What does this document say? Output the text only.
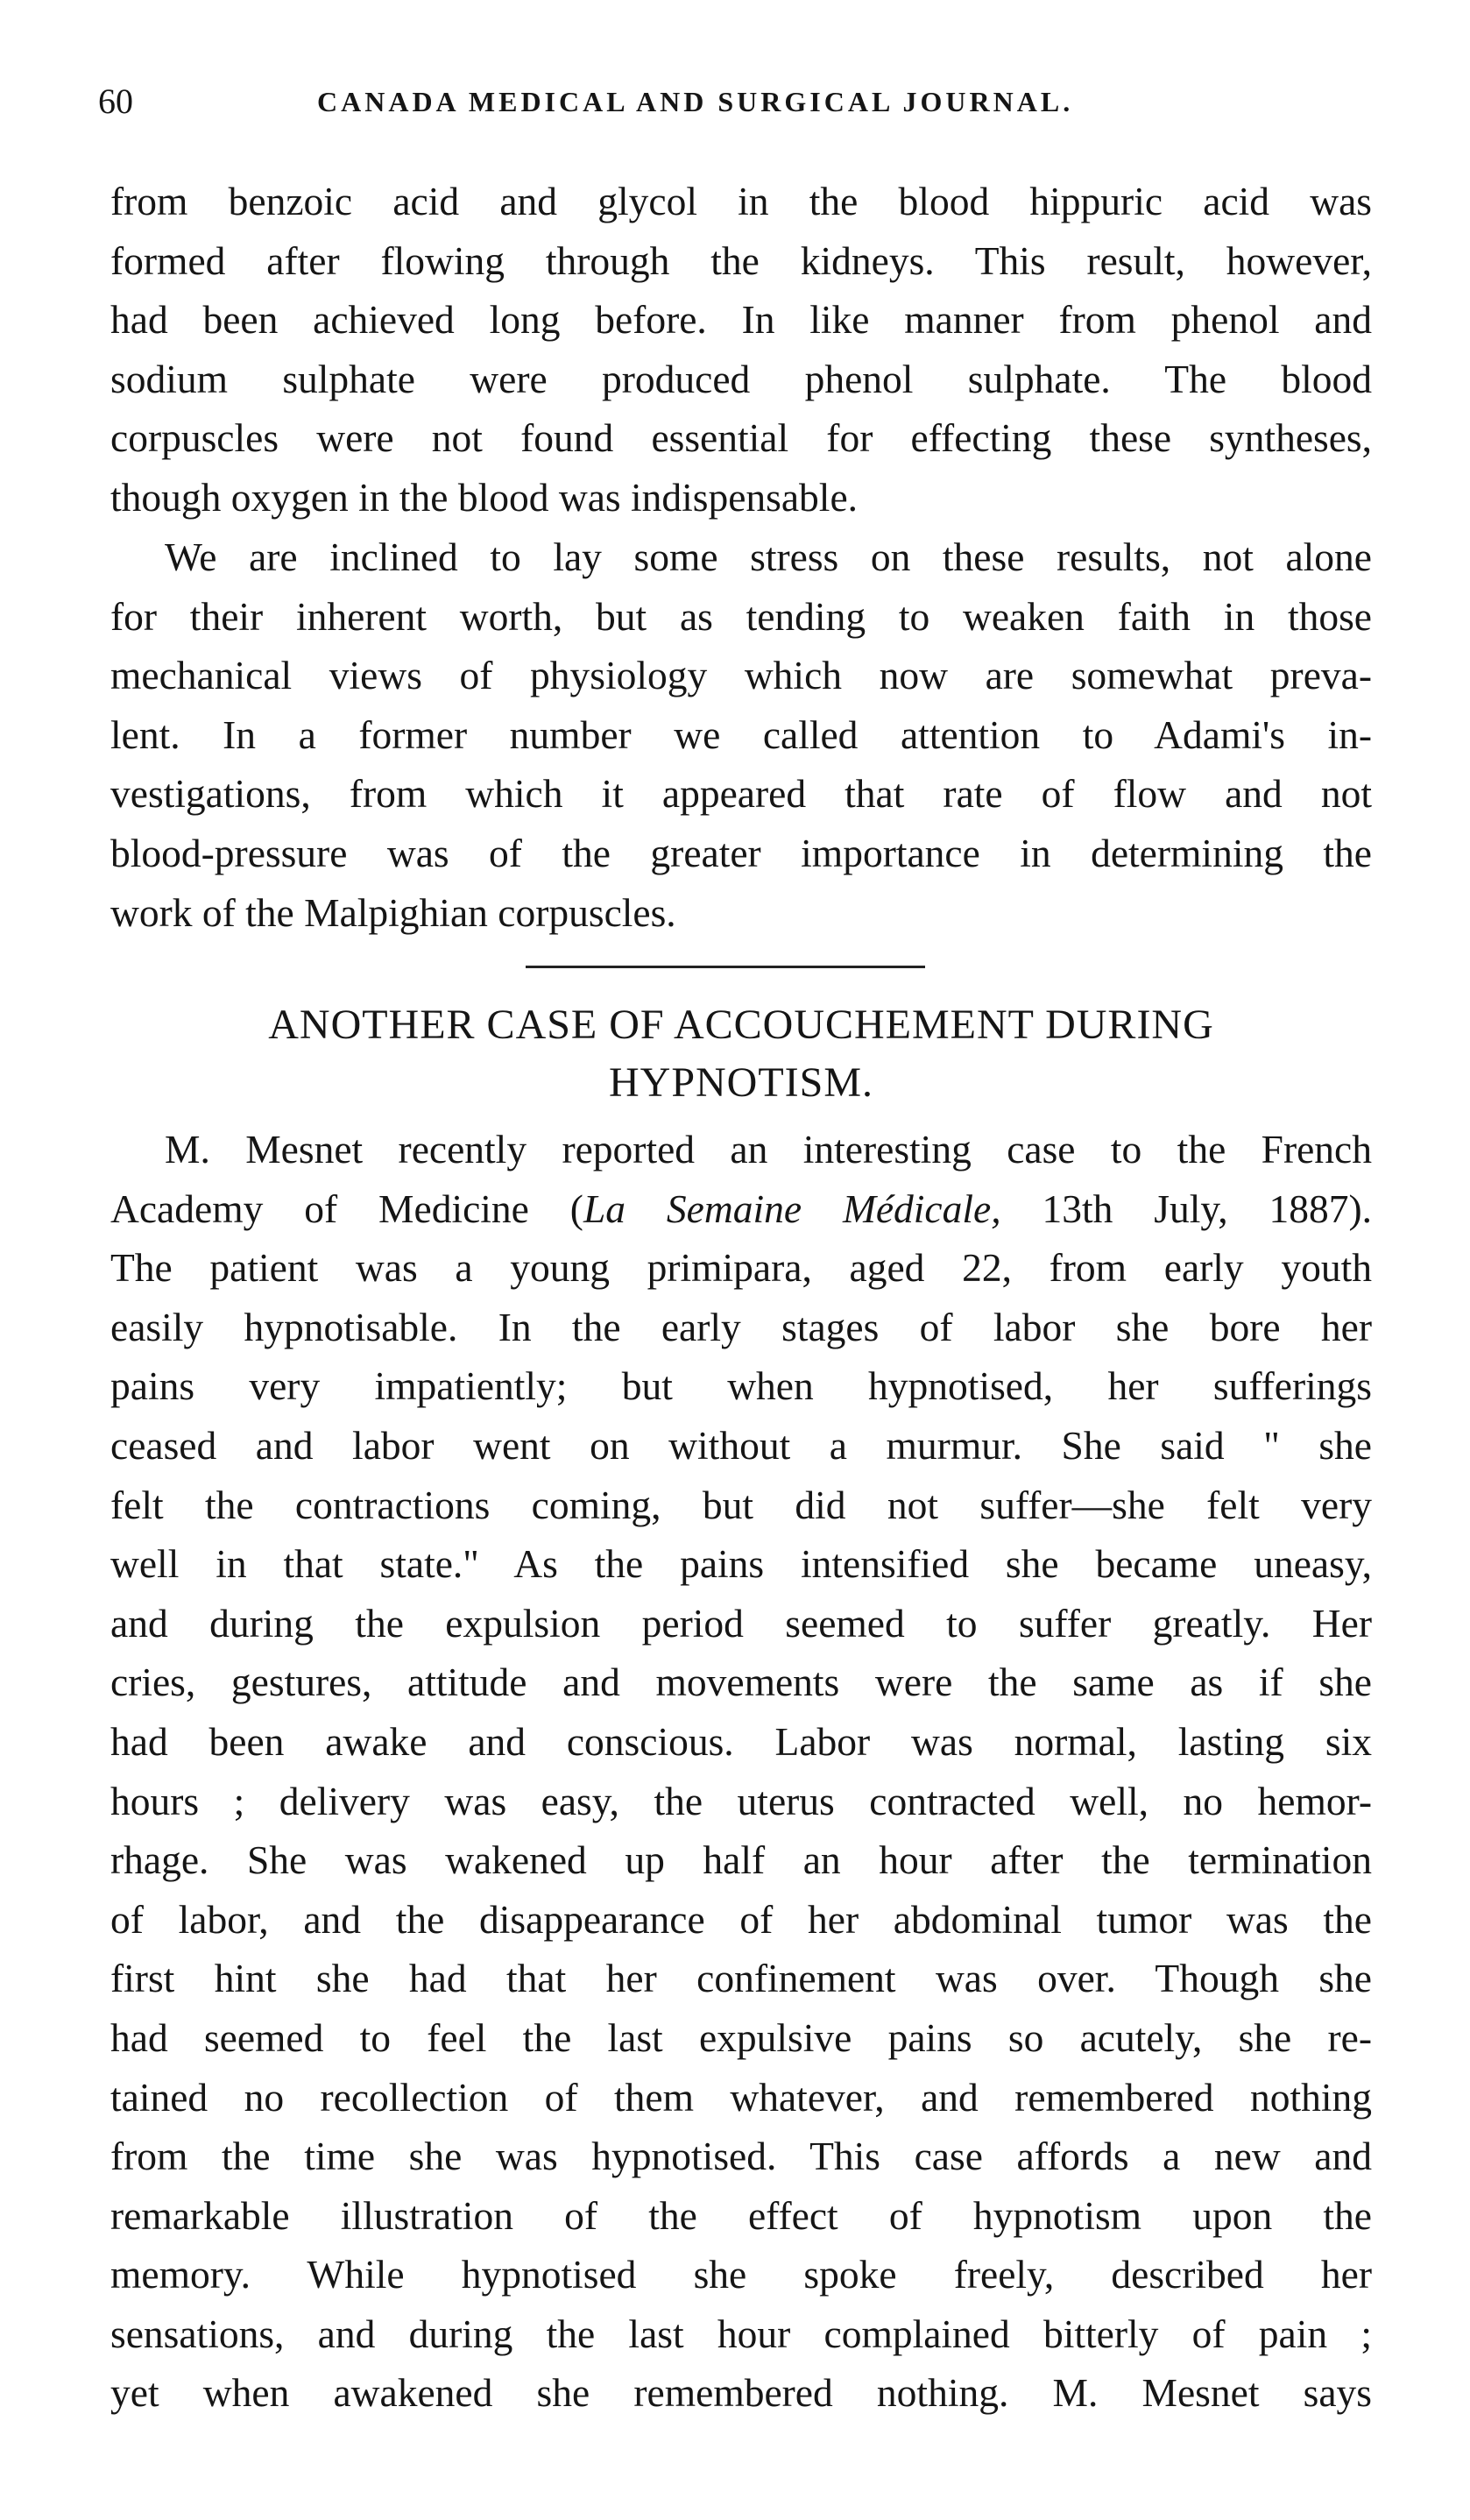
60	CANADA MEDICAL AND SURGICAL JOURNAL.
from benzoic acid and glycol in the blood hippuric acid was
formed after flowing through the kidneys. This result, however,
had been achieved long before. In like manner from phenol and
sodium sulphate were produced phenol sulphate. The blood
corpuscles were not found essential for effecting these syntheses,
though oxygen in the blood was indispensable.
We are inclined to lay some stress on these results, not alone
for their inherent worth, but as tending to weaken faith in those
mechanical views of physiology which now are somewhat preva-
lent. In a former number we called attention to Adami's in-
vestigations, from which it appeared that rate of flow and not
blood-pressure was of the greater importance in determining the
work of the Malpighian corpuscles.
ANOTHER CASE OF ACCOUCHEMENT DURING
HYPNOTISM.
M. Mesnet recently reported an interesting case to the French
Academy of Medicine (La Semaine Médicale, 13th July, 1887).
The patient was a young primipara, aged 22, from early youth
easily hypnotisable. In the early stages of labor she bore her
pains very impatiently; but when hypnotised, her sufferings
ceased and labor went on without a murmur. She said " she
felt the contractions coming, but did not suffer—she felt very
well in that state." As the pains intensified she became uneasy,
and during the expulsion period seemed to suffer greatly. Her
cries, gestures, attitude and movements were the same as if she
had been awake and conscious. Labor was normal, lasting six
hours ; delivery was easy, the uterus contracted well, no hemor-
rhage. She was wakened up half an hour after the termination
of labor, and the disappearance of her abdominal tumor was the
first hint she had that her confinement was over. Though she
had seemed to feel the last expulsive pains so acutely, she re-
tained no recollection of them whatever, and remembered nothing
from the time she was hypnotised. This case affords a new and
remarkable illustration of the effect of hypnotism upon the
memory. While hypnotised she spoke freely, described her
sensations, and during the last hour complained bitterly of pain ;
yet when awakened she remembered nothing. M. Mesnet says
